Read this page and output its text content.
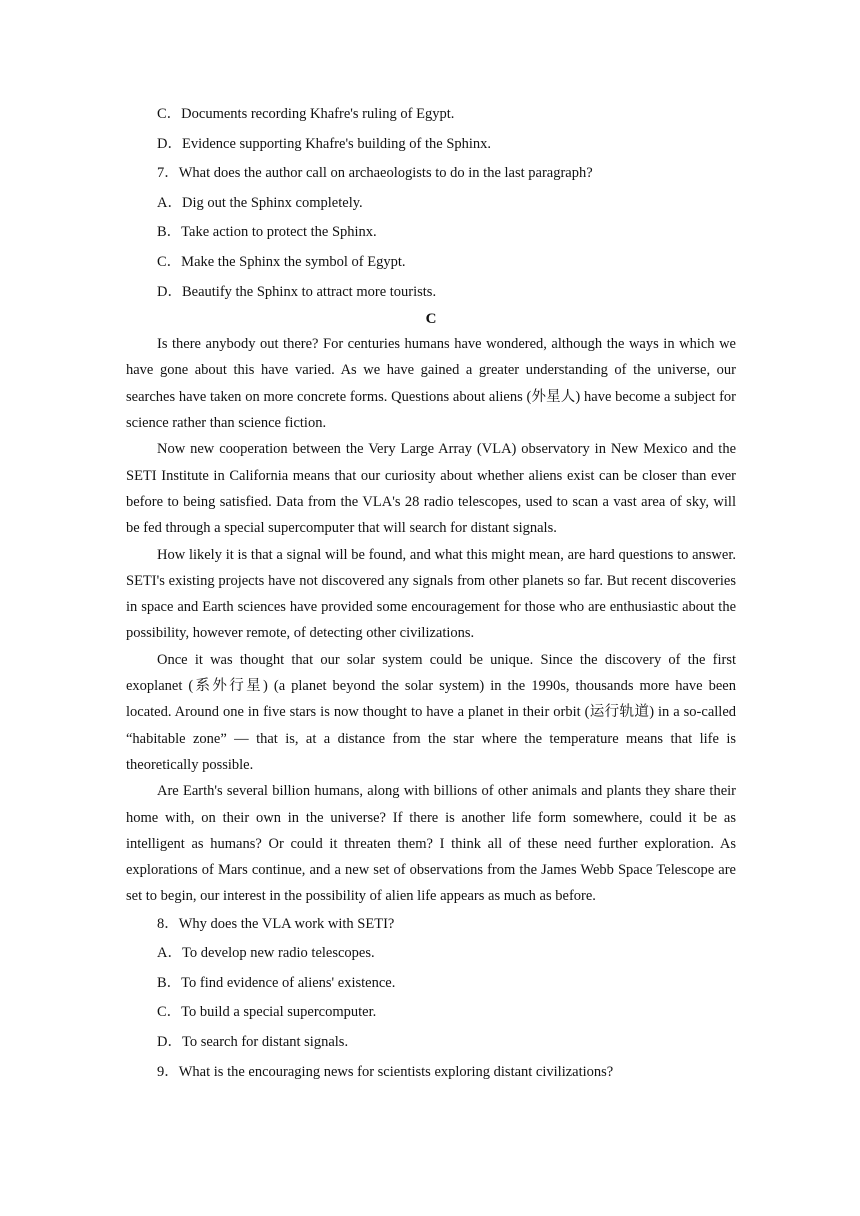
C．Documents recording Khafre's ruling of Egypt.

D．Evidence supporting Khafre's building of the Sphinx.

7．What does the author call on archaeologists to do in the last paragraph?

A．Dig out the Sphinx completely.

B．Take action to protect the Sphinx.

C．Make the Sphinx the symbol of Egypt.

D．Beautify the Sphinx to attract more tourists.

C

Is there anybody out there? For centuries humans have wondered, although the ways in which we have gone about this have varied. As we have gained a greater understanding of the universe, our searches have taken on more concrete forms. Questions about aliens (外星人) have become a subject for science rather than science fiction.

Now new cooperation between the Very Large Array (VLA) observatory in New Mexico and the SETI Institute in California means that our curiosity about whether aliens exist can be closer than ever before to being satisfied. Data from the VLA's 28 radio telescopes, used to scan a vast area of sky, will be fed through a special supercomputer that will search for distant signals.

How likely it is that a signal will be found, and what this might mean, are hard questions to answer. SETI's existing projects have not discovered any signals from other planets so far. But recent discoveries in space and Earth sciences have provided some encouragement for those who are enthusiastic about the possibility, however remote, of detecting other civilizations.

Once it was thought that our solar system could be unique. Since the discovery of the first exoplanet (系外行星) (a planet beyond the solar system) in the 1990s, thousands more have been located. Around one in five stars is now thought to have a planet in their orbit (运行轨道) in a so-called “habitable zone” — that is, at a distance from the star where the temperature means that life is theoretically possible.

Are Earth's several billion humans, along with billions of other animals and plants they share their home with, on their own in the universe? If there is another life form somewhere, could it be as intelligent as humans? Or could it threaten them? I think all of these need further exploration. As explorations of Mars continue, and a new set of observations from the James Webb Space Telescope are set to begin, our interest in the possibility of alien life appears as much as before.

8．Why does the VLA work with SETI?

A．To develop new radio telescopes.

B．To find evidence of aliens' existence.

C．To build a special supercomputer.

D．To search for distant signals.

9．What is the encouraging news for scientists exploring distant civilizations?
